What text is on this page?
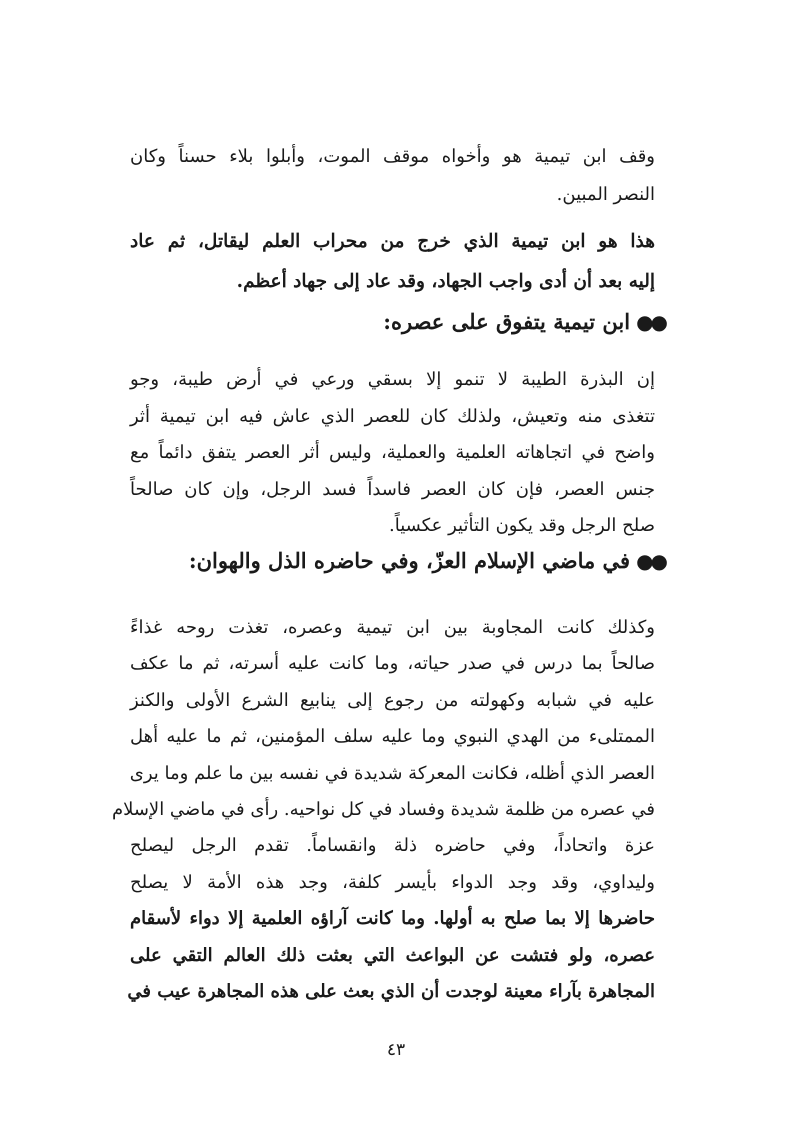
وقف ابن تيمية هو وأخواه موقف الموت، وأبلوا بلاء حسناً وكان
النصر المبين.
هذا هو ابن تيمية الذي خرج من محراب العلم ليقاتل، ثم عاد
إليه بعد أن أدى واجب الجهاد، وقد عاد إلى جهاد أعظم.
●●ابن تيمية يتفوق على عصره:
إن البذرة الطيبة لا تنمو إلا بسقي ورعي في أرض طيبة، وجو
تتغذى منه وتعيش، ولذلك كان للعصر الذي عاش فيه ابن تيمية أثر
واضح في اتجاهاته العلمية والعملية، وليس أثر العصر يتفق دائماً مع
جنس العصر، فإن كان العصر فاسداً فسد الرجل، وإن كان صالحاً
صلح الرجل وقد يكون التأثير عكسياً.
●●في ماضي الإسلام العزّ، وفي حاضره الذل والهوان:
وكذلك كانت المجاوبة بين ابن تيمية وعصره، تغذت روحه غذاءً
صالحاً بما درس في صدر حياته، وما كانت عليه أسرته، ثم ما عكف
عليه في شبابه وكهولته من رجوع إلى ينابيع الشرع الأولى والكنز
الممتلىء من الهدي النبوي وما عليه سلف المؤمنين، ثم ما عليه أهل
العصر الذي أظله، فكانت المعركة شديدة في نفسه بين ما علم وما يرى
في عصره من ظلمة شديدة وفساد في كل نواحيه. رأى في ماضي الإسلام
عزة واتحاداً، وفي حاضره ذلة وانقساماً. تقدم الرجل ليصلح
وليداوي، وقد وجد الدواء بأيسر كلفة، وجد هذه الأمة لا يصلح
حاضرها إلا بما صلح به أولها. وما كانت آراؤه العلمية إلا دواء لأسقام
عصره، ولو فتشت عن البواعث التي بعثت ذلك العالم التقي على
المجاهرة بآراء معينة لوجدت أن الذي بعث على هذه المجاهرة عيب في
٤٣
